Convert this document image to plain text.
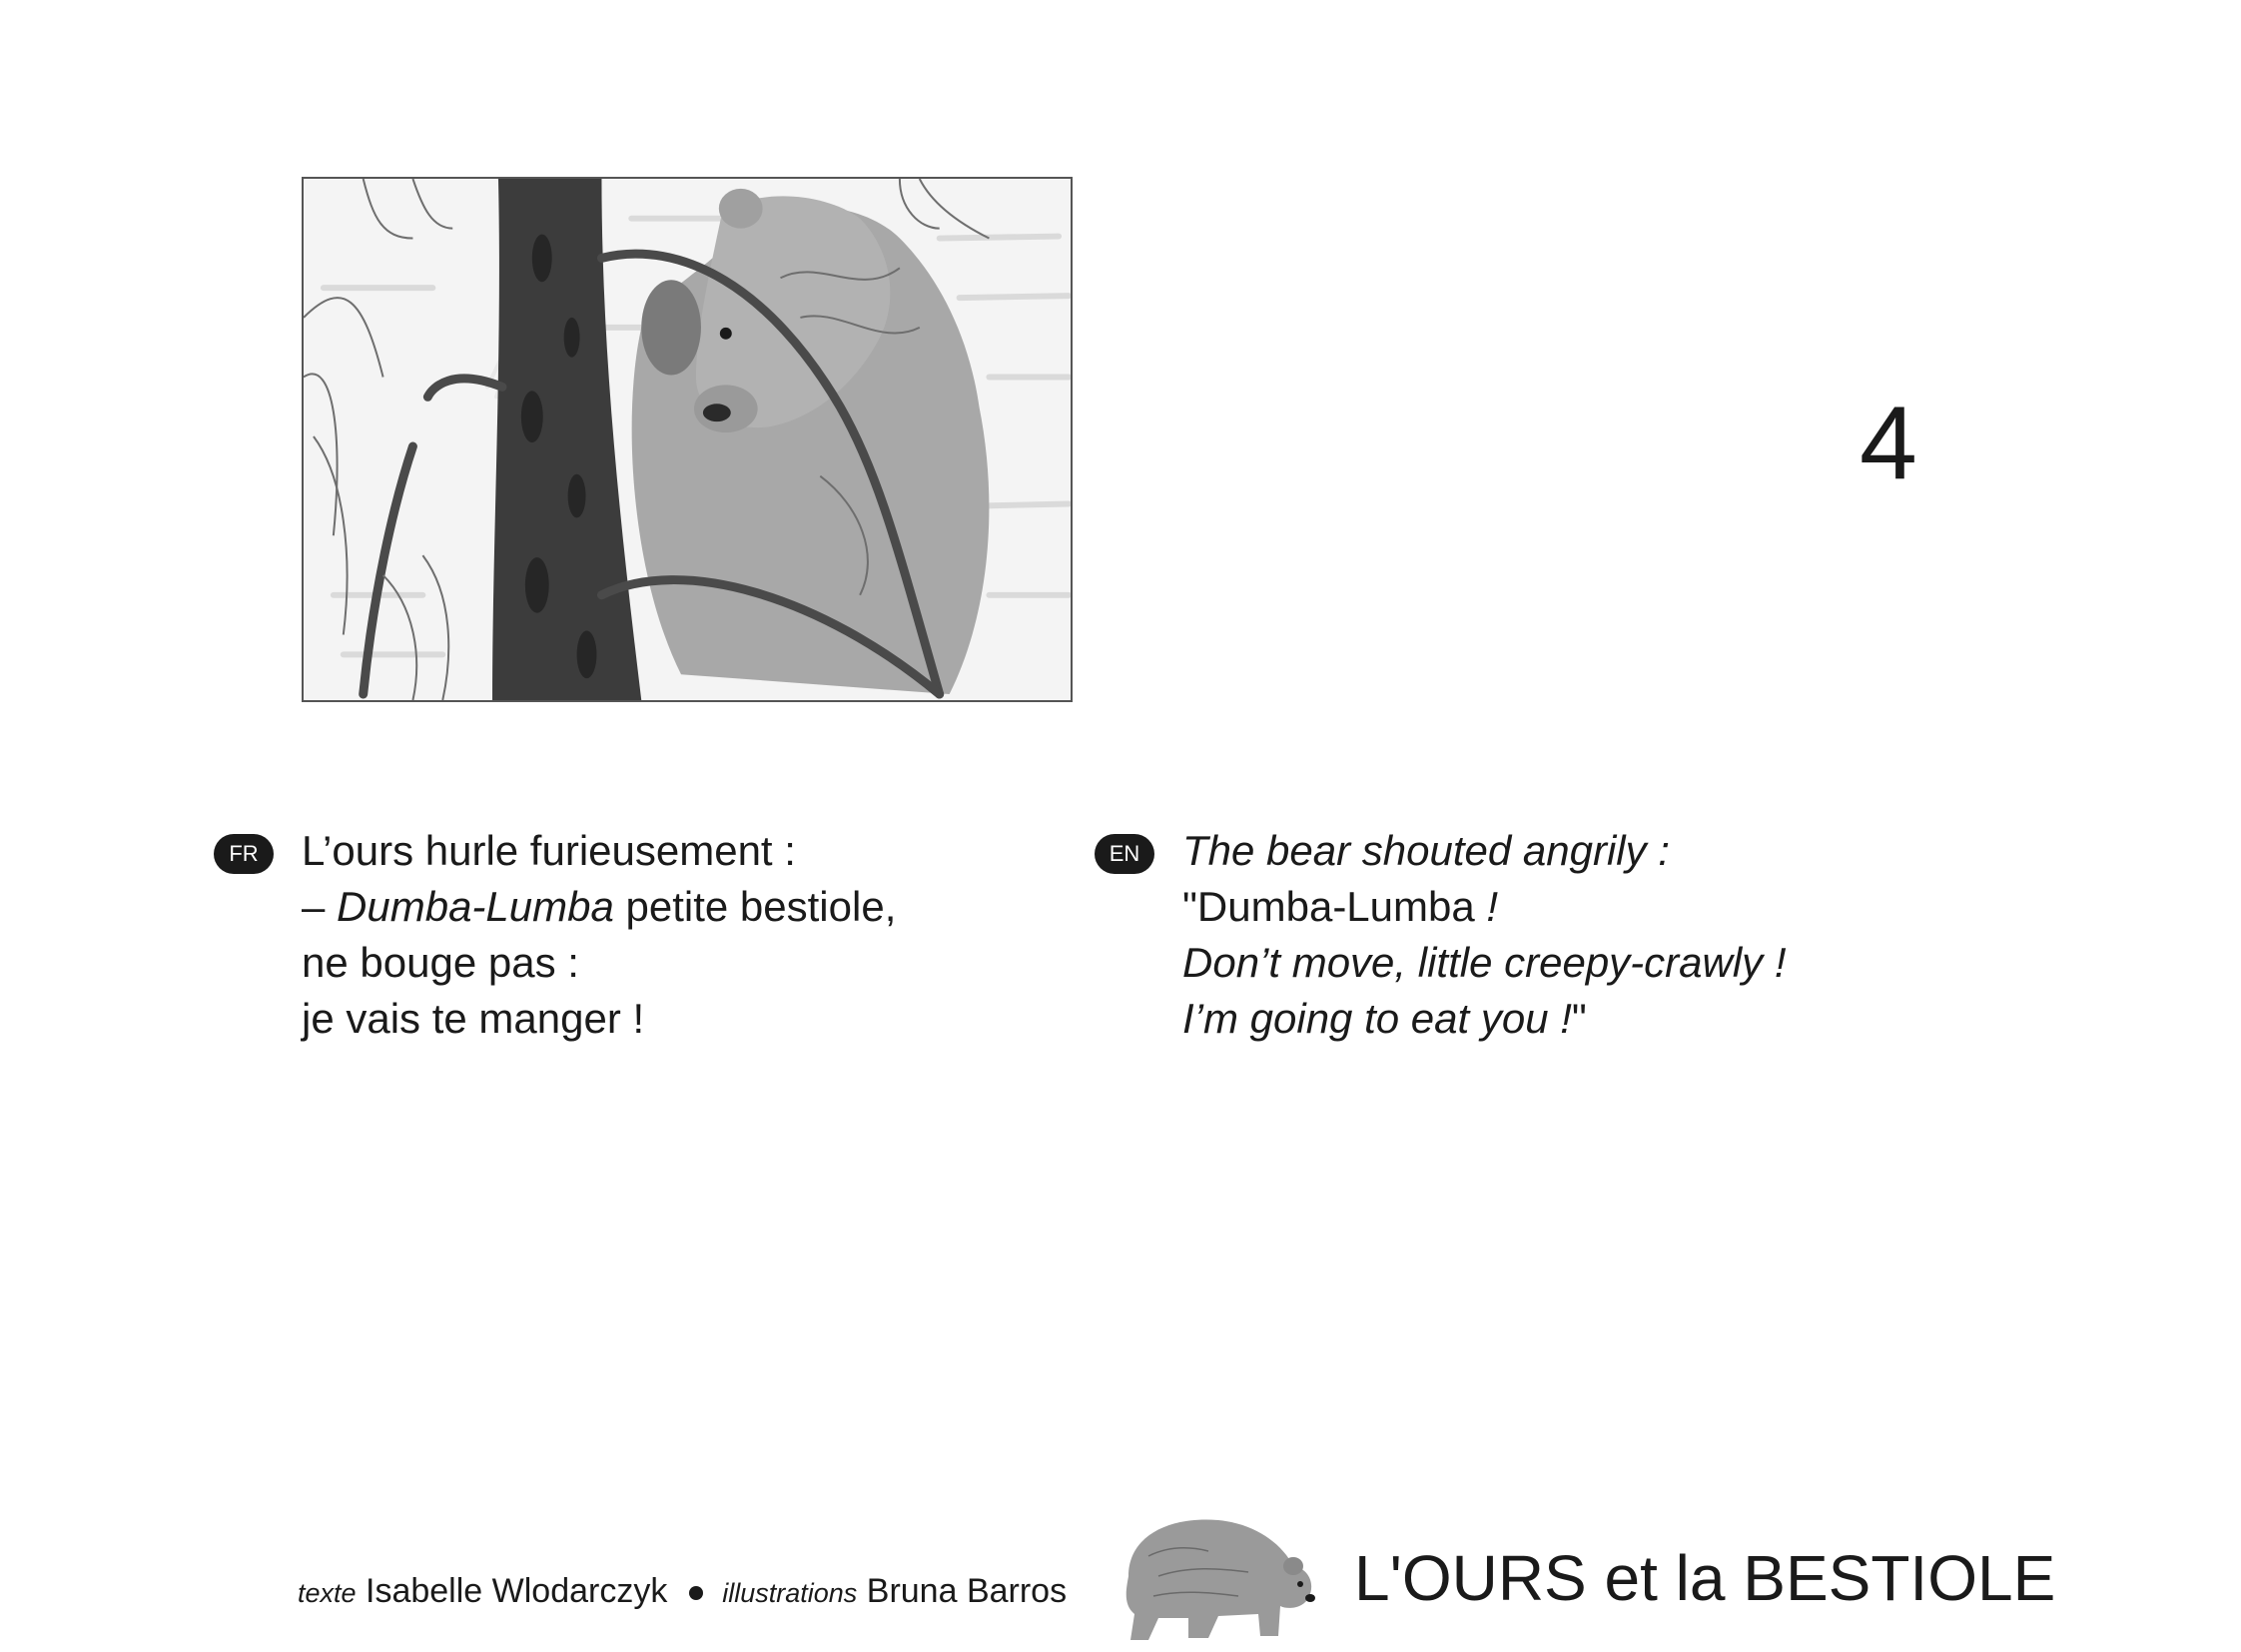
4
FR	L’ours hurle furieusement :
– Dumba-Lumba petite bestiole,
ne bouge pas :
je vais te manger !
EN	The bear shouted angrily :
"Dumba-Lumba !
Don’t move, little creepy-crawly !
I’m going to eat you !"
texte Isabelle Wlodarczyk illustrations Bruna Barros	L'OURS et la BESTIOLE
